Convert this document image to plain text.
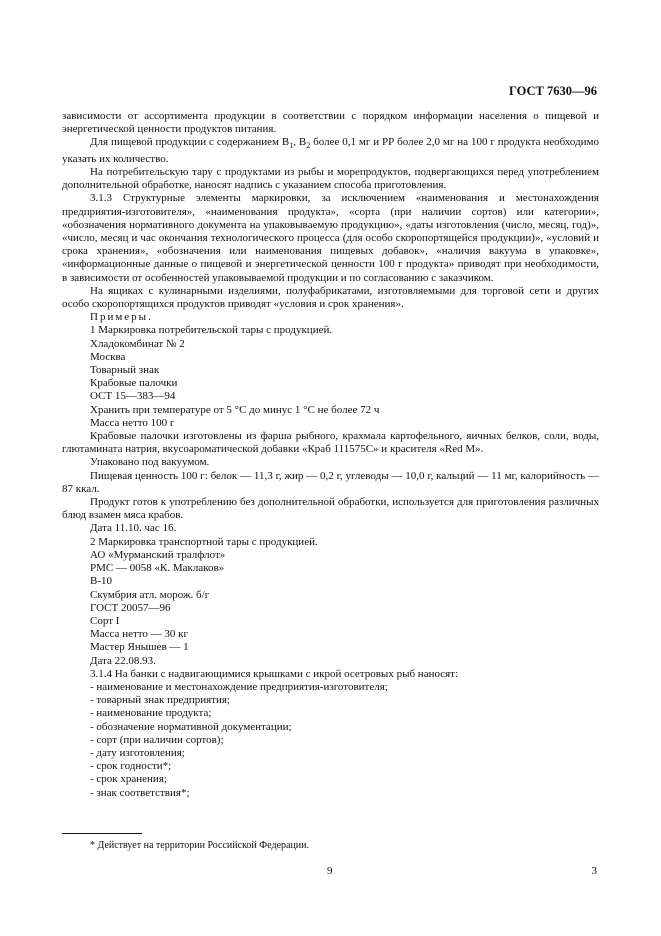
ГОСТ 7630—96

зависимости от ассортимента продукции в соответствии с порядком информации населения о пищевой и энергетической ценности продуктов питания.

Для пищевой продукции с содержанием $В_1$, $В_2$ более 0,1 мг и РР более 2,0 мг на 100 г продукта необходимо указать их количество.

На потребительскую тару с продуктами из рыбы и морепродуктов, подвергающихся перед употреблением дополнительной обработке, наносят надпись с указанием способа приготовления.

3.1.3 Структурные элементы маркировки, за исключением «наименования и местонахождения предприятия-изготовителя», «наименования продукта», «сорта (при наличии сортов) или категории», «обозначения нормативного документа на упаковываемую продукцию», «даты изготовления (число, месяц, год)», «число, месяц и час окончания технологического процесса (для особо скоропортящейся продукции)», «условий и срока хранения», «обозначения или наименования пищевых добавок», «наличия вакуума в упаковке», «информационные данные о пищевой и энергетической ценности 100 г продукта» приводят при необходимости, в зависимости от особенностей упаковываемой продукции и по согласованию с заказчиком.

На ящиках с кулинарными изделиями, полуфабрикатами, изготовляемыми для торговой сети и других особо скоропортящихся продуктов приводят «условия и срок хранения».

Примеры.

1 Маркировка потребительской тары с продукцией.

Хладокомбинат № 2

Москва

Товарный знак

Крабовые палочки

ОСТ 15—383—94

Хранить при температуре от 5 °С до минус 1 °С не более 72 ч

Масса нетто 100 г

Крабовые палочки изготовлены из фарша рыбного, крахмала картофельного, яичных белков, соли, воды, глютамината натрия, вкусоароматической добавки «Краб 111575С» и красителя «Red M».

Упаковано под вакуумом.

Пищевая ценность 100 г: белок — 11,3 г, жир — 0,2 г, углеводы — 10,0 г, кальций — 11 мг, калорийность — 87 ккал.

Продукт готов к употреблению без дополнительной обработки, используется для приготовления различных блюд взамен мяса крабов.

Дата 11.10. час 16.

2 Маркировка транспортной тары с продукцией.

АО «Мурманский тралфлот»

РМС — 0058 «К. Маклаков»

В-10

Скумбрия атл. морож. б/г

ГОСТ 20057—96

Сорт I

Масса нетто — 30 кг

Мастер Янышев — 1

Дата 22.08.93.

3.1.4 На банки с надвигающимися крышками с икрой осетровых рыб наносят:

- наименование и местонахождение предприятия-изготовителя;

- товарный знак предприятия;

- наименование продукта;

- обозначение нормативной документации;

- сорт (при наличии сортов);

- дату изготовления;

- срок годности*;

- срок хранения;

- знак соответствия*;

* Действует на территории Российской Федерации.
9	3
